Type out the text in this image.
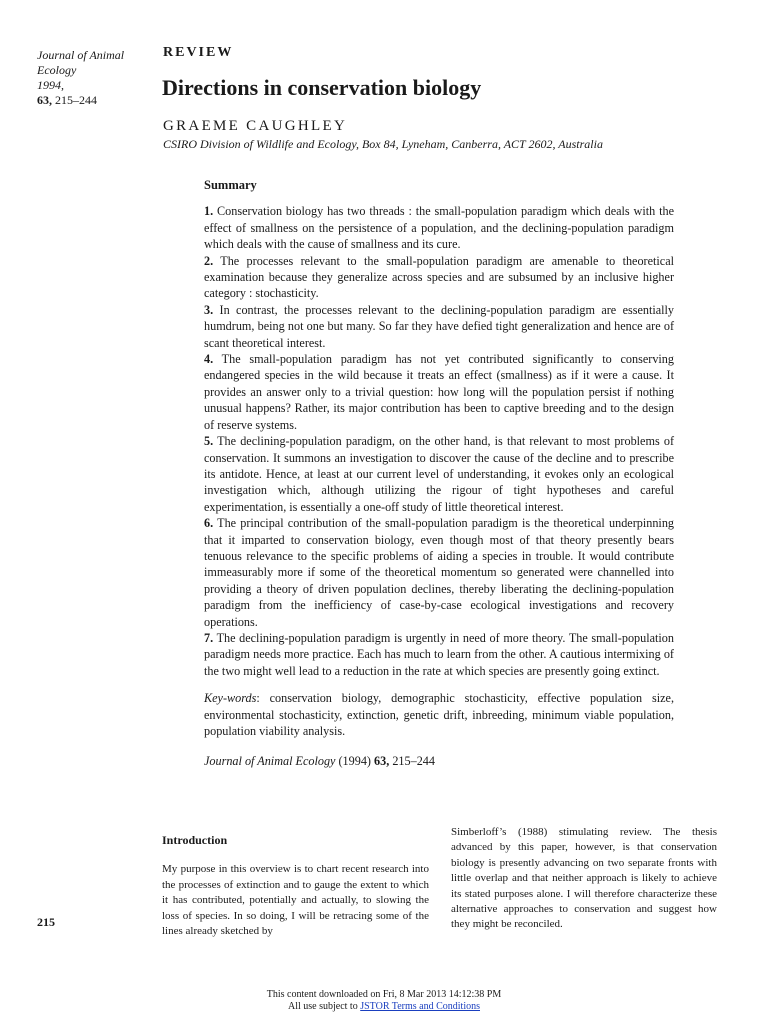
Journal of Animal Ecology
1994,
63, 215–244
REVIEW
Directions in conservation biology
GRAEME CAUGHLEY
CSIRO Division of Wildlife and Ecology, Box 84, Lyneham, Canberra, ACT 2602, Australia
Summary

1. Conservation biology has two threads : the small-population paradigm which deals with the effect of smallness on the persistence of a population, and the declining-population paradigm which deals with the cause of smallness and its cure.

2. The processes relevant to the small-population paradigm are amenable to theoretical examination because they generalize across species and are subsumed by an inclusive higher category : stochasticity.

3. In contrast, the processes relevant to the declining-population paradigm are essentially humdrum, being not one but many. So far they have defied tight generalization and hence are of scant theoretical interest.

4. The small-population paradigm has not yet contributed significantly to conserving endangered species in the wild because it treats an effect (smallness) as if it were a cause. It provides an answer only to a trivial question: how long will the population persist if nothing unusual happens? Rather, its major contribution has been to captive breeding and to the design of reserve systems.

5. The declining-population paradigm, on the other hand, is that relevant to most problems of conservation. It summons an investigation to discover the cause of the decline and to prescribe its antidote. Hence, at least at our current level of understanding, it evokes only an ecological investigation which, although utilizing the rigour of tight hypotheses and careful experimentation, is essentially a one-off study of little theoretical interest.

6. The principal contribution of the small-population paradigm is the theoretical underpinning that it imparted to conservation biology, even though most of that theory presently bears tenuous relevance to the specific problems of aiding a species in trouble. It would contribute immeasurably more if some of the theoretical momentum so generated were channelled into providing a theory of driven population declines, thereby liberating the declining-population paradigm from the inefficiency of case-by-case ecological investigations and recovery operations.

7. The declining-population paradigm is urgently in need of more theory. The small-population paradigm needs more practice. Each has much to learn from the other. A cautious intermixing of the two might well lead to a reduction in the rate at which species are presently going extinct.

Key-words: conservation biology, demographic stochasticity, effective population size, environmental stochasticity, extinction, genetic drift, inbreeding, minimum viable population, population viability analysis.

Journal of Animal Ecology (1994) 63, 215–244

Introduction

My purpose in this overview is to chart recent research into the processes of extinction and to gauge the extent to which it has contributed, potentially and actually, to slowing the loss of species. In so doing, I will be retracing some of the lines already sketched by

Simberloff’s (1988) stimulating review. The thesis advanced by this paper, however, is that conservation biology is presently advancing on two separate fronts with little overlap and that neither approach is likely to achieve its stated purposes alone. I will therefore characterize these alternative approaches to conservation and suggest how they might be reconciled.

215
This content downloaded on Fri, 8 Mar 2013 14:12:38 PM
All use subject to JSTOR Terms and Conditions
